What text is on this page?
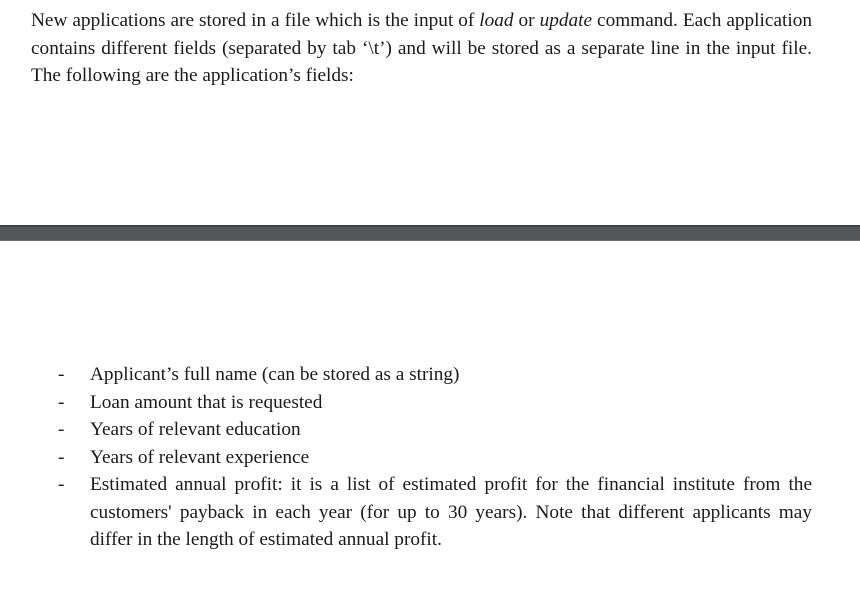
New applications are stored in a file which is the input of load or update command. Each application contains different fields (separated by tab ‘\t’) and will be stored as a separate line in the input file. The following are the application’s fields:

- Applicant’s full name (can be stored as a string)
- Loan amount that is requested
- Years of relevant education
- Years of relevant experience
- Estimated annual profit: it is a list of estimated profit for the financial institute from the customers' payback in each year (for up to 30 years). Note that different applicants may differ in the length of estimated annual profit.
